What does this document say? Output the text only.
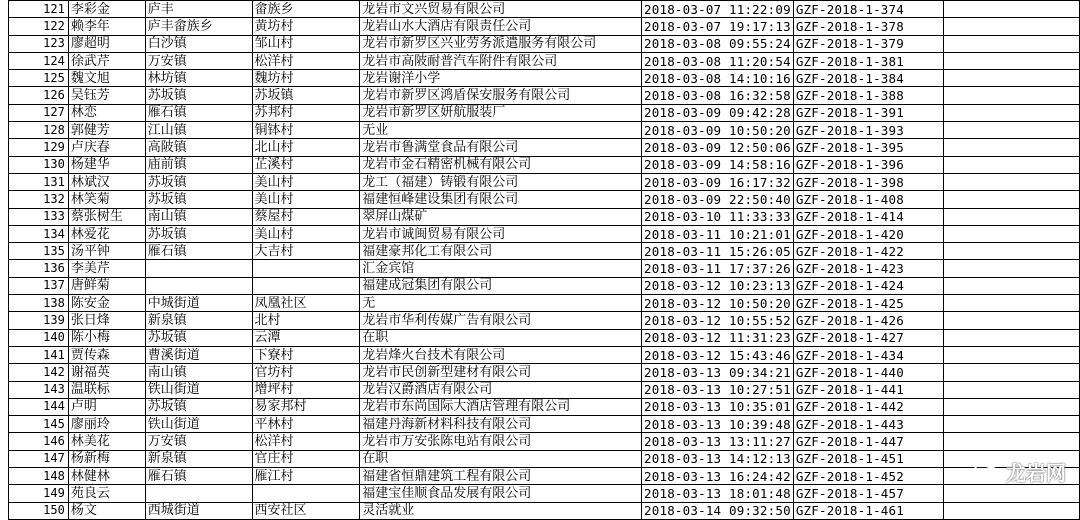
121	李彩金	庐丰	畲族乡	龙岩市文兴贸易有限公司	2018-03-07 11:22:09	GZF-2018-1-374	
122	赖李年	庐丰畲族乡	黄坊村	龙岩山水大酒店有限责任公司	2018-03-07 19:17:13	GZF-2018-1-378	
123	廖超明	白沙镇	邹山村	龙岩市新罗区兴业劳务派遣服务有限公司	2018-03-08 09:55:24	GZF-2018-1-379	
124	徐武芹	万安镇	松洋村	龙岩市高陂耐普汽车附件有限公司	2018-03-08 11:20:54	GZF-2018-1-381	
125	魏文旭	林坊镇	魏坊村	龙岩谢洋小学	2018-03-08 14:10:16	GZF-2018-1-384	
126	吴钰芳	苏坂镇	苏坂镇	龙岩市新罗区鸿盾保安服务有限公司	2018-03-08 16:32:58	GZF-2018-1-388	
127	林恋	雁石镇	苏邦村	龙岩市新罗区妍航服装厂	2018-03-09 09:42:28	GZF-2018-1-391	
128	郭健芳	江山镇	铜钵村	无业	2018-03-09 10:50:20	GZF-2018-1-393	
129	卢庆春	高陂镇	北山村	龙岩市鲁满堂食品有限公司	2018-03-09 12:50:06	GZF-2018-1-395	
130	杨建华	庙前镇	芷溪村	龙岩市金石精密机械有限公司	2018-03-09 14:58:16	GZF-2018-1-396	
131	林斌汉	苏坂镇	美山村	龙工（福建）铸锻有限公司	2018-03-09 16:17:32	GZF-2018-1-398	
132	林笑菊	苏坂镇	美山村	福建恒峰建设集团有限公司	2018-03-09 22:50:40	GZF-2018-1-408	
133	蔡张树生	南山镇	蔡屋村	翠屏山煤矿	2018-03-10 11:33:33	GZF-2018-1-414	
134	林爱花	苏坂镇	美山村	龙岩市诚闽贸易有限公司	2018-03-11 10:21:01	GZF-2018-1-420	
135	汤平钟	雁石镇	大吉村	福建豪邦化工有限公司	2018-03-11 15:26:05	GZF-2018-1-422	
136	李美芹			汇金宾馆	2018-03-11 17:37:26	GZF-2018-1-423	
137	唐鲜菊			福建成冠集团有限公司	2018-03-12 10:23:13	GZF-2018-1-424	
138	陈安金	中城街道	凤凰社区	无	2018-03-12 10:50:20	GZF-2018-1-425	
139	张日烽	新泉镇	北村	龙岩市华利传媒广告有限公司	2018-03-12 10:55:52	GZF-2018-1-426	
140	陈小梅	苏坂镇	云潭	在职	2018-03-12 11:31:23	GZF-2018-1-427	
141	贾传森	曹溪街道	下寮村	龙岩烽火台技术有限公司	2018-03-12 15:43:46	GZF-2018-1-434	
142	谢福英	南山镇	官坊村	龙岩市民创新型建材有限公司	2018-03-13 09:34:21	GZF-2018-1-440	
143	温联标	铁山街道	增坪村	龙岩汉爵酒店有限公司	2018-03-13 10:27:51	GZF-2018-1-441	
144	卢明	苏坂镇	易家邦村	龙岩市东尚国际大酒店管理有限公司	2018-03-13 10:35:01	GZF-2018-1-442	
145	廖丽玲	铁山街道	平林村	福建丹海新材料科技有限公司	2018-03-13 10:39:48	GZF-2018-1-443	
146	林美花	万安镇	松洋村	龙岩市万安张陈电站有限公司	2018-03-13 13:11:27	GZF-2018-1-447	
147	杨新梅	新泉镇	官庄村	在职	2018-03-13 14:12:13	GZF-2018-1-451	
148	林健林	雁石镇	雁江村	福建省恒鼎建筑工程有限公司	2018-03-13 16:24:42	GZF-2018-1-452	
149	苑良云			福建宝佳顺食品发展有限公司	2018-03-13 18:01:48	GZF-2018-1-457	
150	杨文	西城街道	西安社区	灵活就业	2018-03-14 09:32:50	GZF-2018-1-461	
龙岩网
